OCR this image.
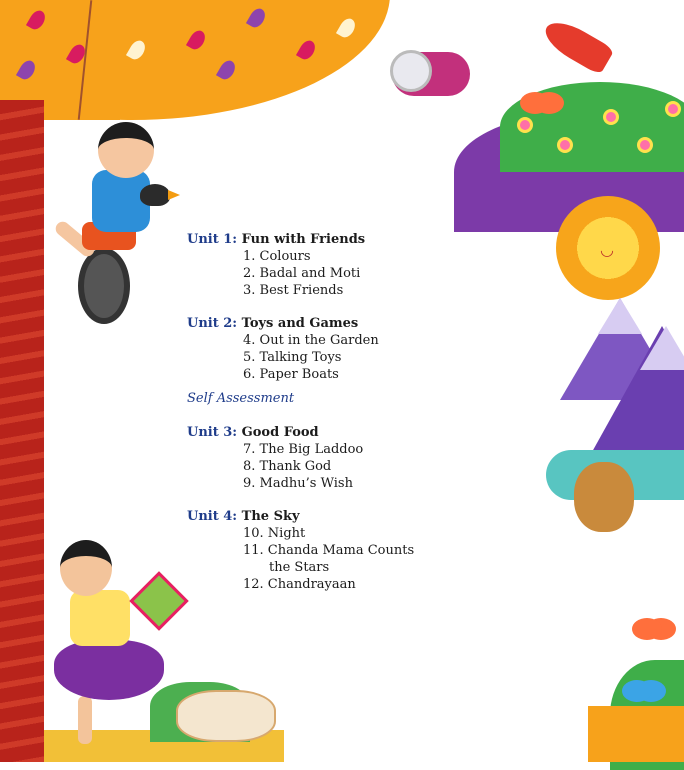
◡
Unit 1: Fun with Friends
1. Colours
2. Badal and Moti
3. Best Friends
Unit 2: Toys and Games
4. Out in the Garden
5. Talking Toys
6. Paper Boats
Self Assessment
Unit 3: Good Food
7. The Big Laddoo
8. Thank God
9. Madhu’s Wish
Unit 4: The Sky
10. Night
11. Chanda Mama Counts
the Stars
12. Chandrayaan
